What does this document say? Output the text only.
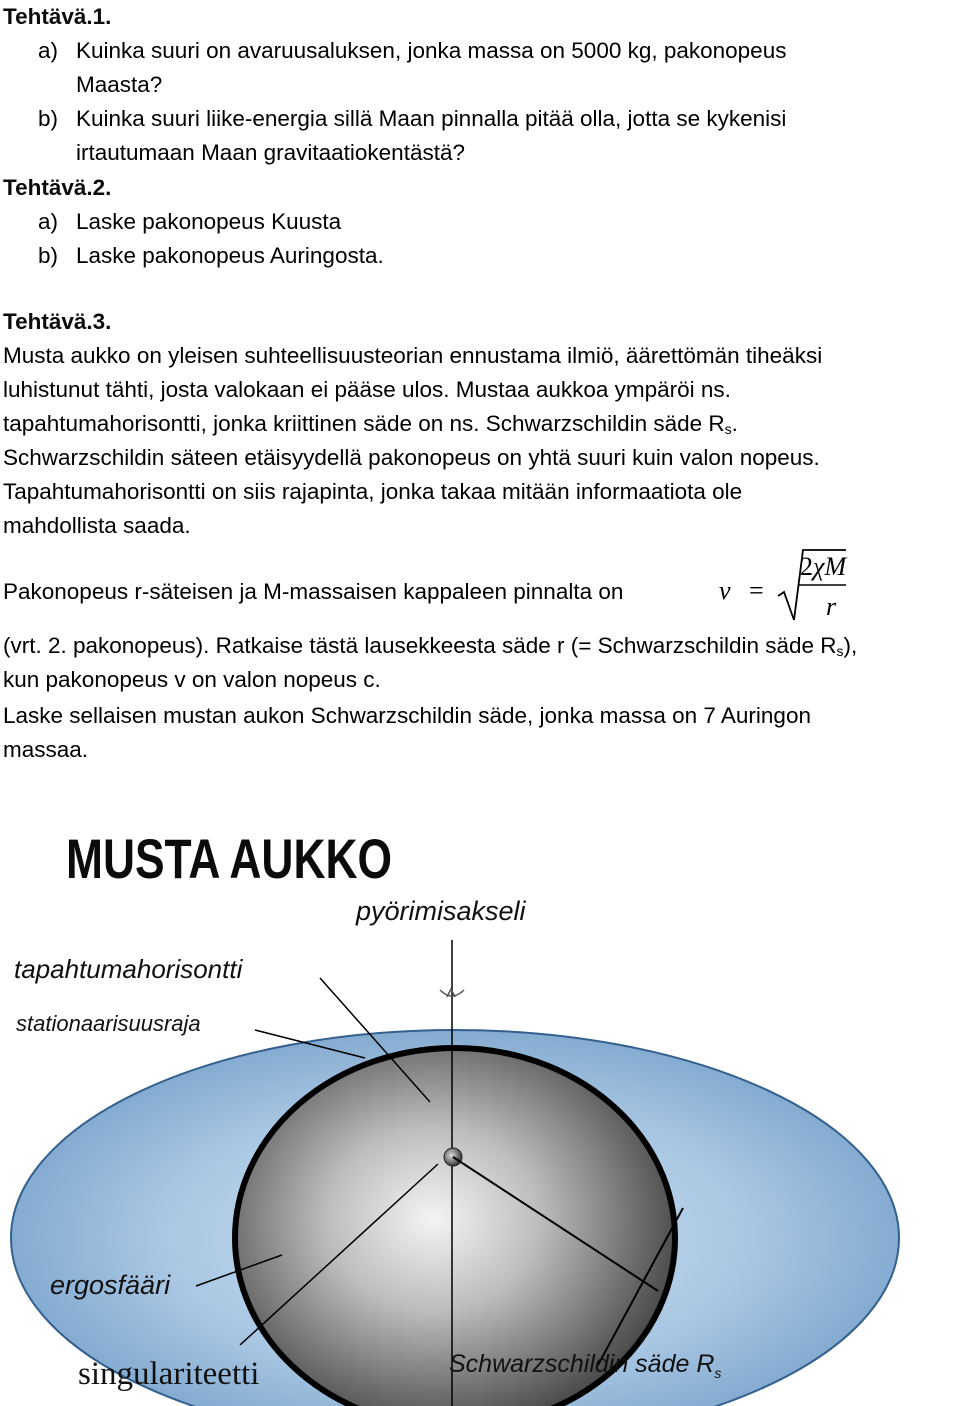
Tehtävä.1.
a) Kuinka suuri on avaruusaluksen, jonka massa on 5000 kg, pakonopeus
Maasta?
b) Kuinka suuri liike-energia sillä Maan pinnalla pitää olla, jotta se kykenisi
irtautumaan Maan gravitaatiokentästä?
Tehtävä.2.
a) Laske pakonopeus Kuusta
b) Laske pakonopeus Auringosta.
Tehtävä.3.
Musta aukko on yleisen suhteellisuusteorian ennustama ilmiö, äärettömän tiheäksi
luhistunut tähti, josta valokaan ei pääse ulos. Mustaa aukkoa ympäröi ns.
tapahtumahorisontti, jonka kriittinen säde on ns. Schwarzschildin säde $R_s$.
Schwarzschildin säteen etäisyydellä pakonopeus on yhtä suuri kuin valon nopeus.
Tapahtumahorisontti on siis rajapinta, jonka takaa mitään informaatiota ole
mahdollista saada.
Pakonopeus r-säteisen ja M-massaisen kappaleen pinnalta on	v =
2χM
r
(vrt. 2. pakonopeus). Ratkaise tästä lausekkeesta säde r (= Schwarzschildin säde $R_s$),
kun pakonopeus v on valon nopeus c.
Laske sellaisen mustan aukon Schwarzschildin säde, jonka massa on 7 Auringon
massaa.
MUSTA AUKKO
pyörimisakseli
tapahtumahorisontti
stationaarisuusraja
ergosfääri
singulariteetti	Schwarzschildin säde $R_s$
